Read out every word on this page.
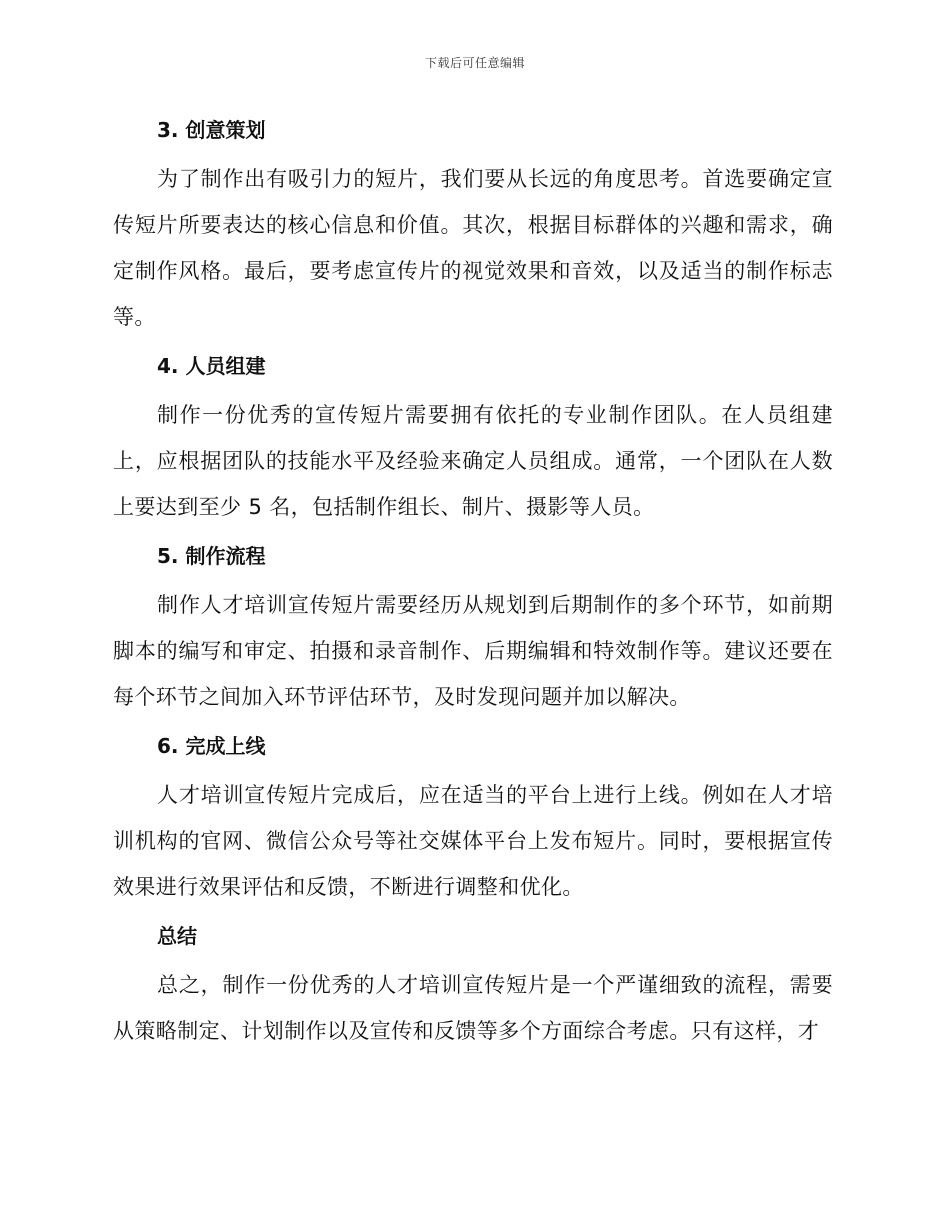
下载后可任意编辑
3. 创意策划

为了制作出有吸引力的短片，我们要从长远的角度思考。首选要确定宣传短片所要表达的核心信息和价值。其次，根据目标群体的兴趣和需求，确定制作风格。最后，要考虑宣传片的视觉效果和音效，以及适当的制作标志等。

4. 人员组建

制作一份优秀的宣传短片需要拥有依托的专业制作团队。在人员组建上，应根据团队的技能水平及经验来确定人员组成。通常，一个团队在人数上要达到至少 5 名，包括制作组长、制片、摄影等人员。

5. 制作流程

制作人才培训宣传短片需要经历从规划到后期制作的多个环节，如前期脚本的编写和审定、拍摄和录音制作、后期编辑和特效制作等。建议还要在每个环节之间加入环节评估环节，及时发现问题并加以解决。

6. 完成上线

人才培训宣传短片完成后，应在适当的平台上进行上线。例如在人才培训机构的官网、微信公众号等社交媒体平台上发布短片。同时，要根据宣传效果进行效果评估和反馈，不断进行调整和优化。

总结

总之，制作一份优秀的人才培训宣传短片是一个严谨细致的流程，需要从策略制定、计划制作以及宣传和反馈等多个方面综合考虑。只有这样，才
